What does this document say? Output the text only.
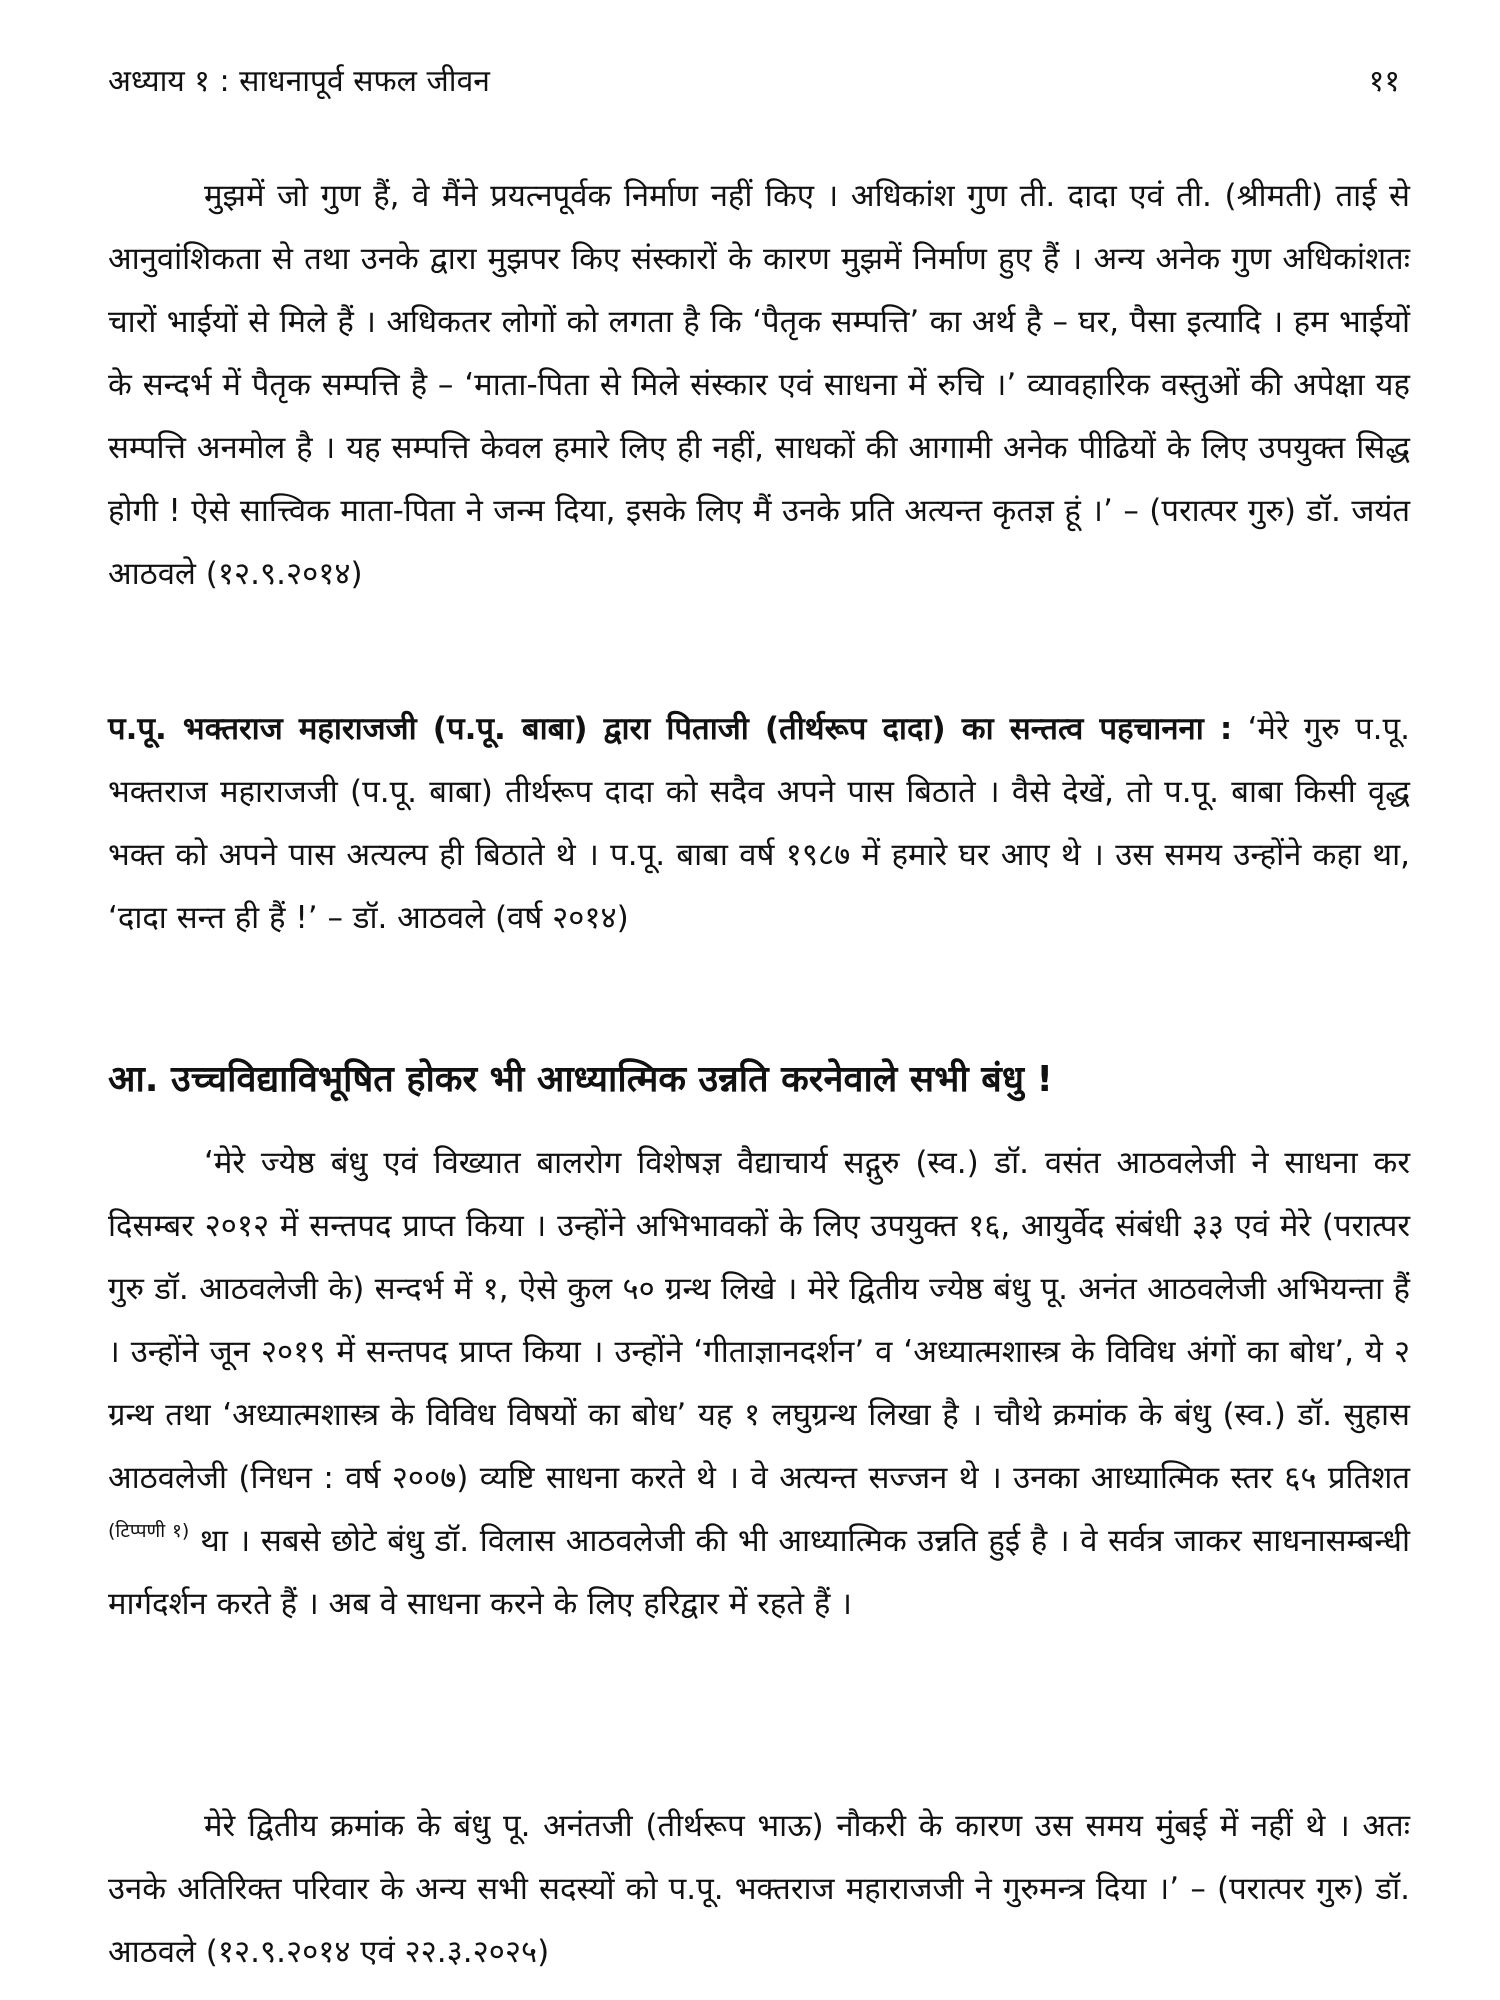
अध्याय १ : साधनापूर्व सफल जीवन	११

मुझमें जो गुण हैं, वे मैंने प्रयत्नपूर्वक निर्माण नहीं किए । अधिकांश गुण ती. दादा एवं ती. (श्रीमती) ताई से आनुवांशिकता से तथा उनके द्वारा मुझपर किए संस्कारों के कारण मुझमें निर्माण हुए हैं । अन्य अनेक गुण अधिकांशतः चारों भाईयों से मिले हैं । अधिकतर लोगों को लगता है कि ‘पैतृक सम्पत्ति’ का अर्थ है – घर, पैसा इत्यादि । हम भाईयों के सन्दर्भ में पैतृक सम्पत्ति है – ‘माता-पिता से मिले संस्कार एवं साधना में रुचि ।’ व्यावहारिक वस्तुओं की अपेक्षा यह सम्पत्ति अनमोल है । यह सम्पत्ति केवल हमारे लिए ही नहीं, साधकों की आगामी अनेक पीढियों के लिए उपयुक्त सिद्ध होगी ! ऐसे सात्त्विक माता-पिता ने जन्म दिया, इसके लिए मैं उनके प्रति अत्यन्त कृतज्ञ हूं ।’ – (परात्पर गुरु) डॉ. जयंत आठवले (१२.९.२०१४)

प.पू. भक्तराज महाराजजी (प.पू. बाबा) द्वारा पिताजी (तीर्थरूप दादा) का सन्तत्व पहचानना : ‘मेरे गुरु प.पू. भक्तराज महाराजजी (प.पू. बाबा) तीर्थरूप दादा को सदैव अपने पास बिठाते । वैसे देखें, तो प.पू. बाबा किसी वृद्ध भक्त को अपने पास अत्यल्प ही बिठाते थे । प.पू. बाबा वर्ष १९८७ में हमारे घर आए थे । उस समय उन्होंने कहा था, ‘दादा सन्त ही हैं !’ – डॉ. आठवले (वर्ष २०१४)

आ. उच्चविद्याविभूषित होकर भी आध्यात्मिक उन्नति करनेवाले सभी बंधु !

‘मेरे ज्येष्ठ बंधु एवं विख्यात बालरोग विशेषज्ञ वैद्याचार्य सद्गुरु (स्व.) डॉ. वसंत आठवलेजी ने साधना कर दिसम्बर २०१२ में सन्तपद प्राप्त किया । उन्होंने अभिभावकों के लिए उपयुक्त १६, आयुर्वेद संबंधी ३३ एवं मेरे (परात्पर गुरु डॉ. आठवलेजी के) सन्दर्भ में १, ऐसे कुल ५० ग्रन्थ लिखे । मेरे द्वितीय ज्येष्ठ बंधु पू. अनंत आठवलेजी अभियन्ता हैं । उन्होंने जून २०१९ में सन्तपद प्राप्त किया । उन्होंने ‘गीताज्ञानदर्शन’ व ‘अध्यात्मशास्त्र के विविध अंगों का बोध’, ये २ ग्रन्थ तथा ‘अध्यात्मशास्त्र के विविध विषयों का बोध’ यह १ लघुग्रन्थ लिखा है । चौथे क्रमांक के बंधु (स्व.) डॉ. सुहास आठवलेजी (निधन : वर्ष २००७) व्यष्टि साधना करते थे । वे अत्यन्त सज्जन थे । उनका आध्यात्मिक स्तर ६५ प्रतिशत $^{(टिप्पणी १)}$ था । सबसे छोटे बंधु डॉ. विलास आठवलेजी की भी आध्यात्मिक उन्नति हुई है । वे सर्वत्र जाकर साधनासम्बन्धी मार्गदर्शन करते हैं । अब वे साधना करने के लिए हरिद्वार में रहते हैं ।

मेरे द्वितीय क्रमांक के बंधु पू. अनंतजी (तीर्थरूप भाऊ) नौकरी के कारण उस समय मुंबई में नहीं थे । अतः उनके अतिरिक्त परिवार के अन्य सभी सदस्यों को प.पू. भक्तराज महाराजजी ने गुरुमन्त्र दिया ।’ – (परात्पर गुरु) डॉ. आठवले (१२.९.२०१४ एवं २२.३.२०२५)
